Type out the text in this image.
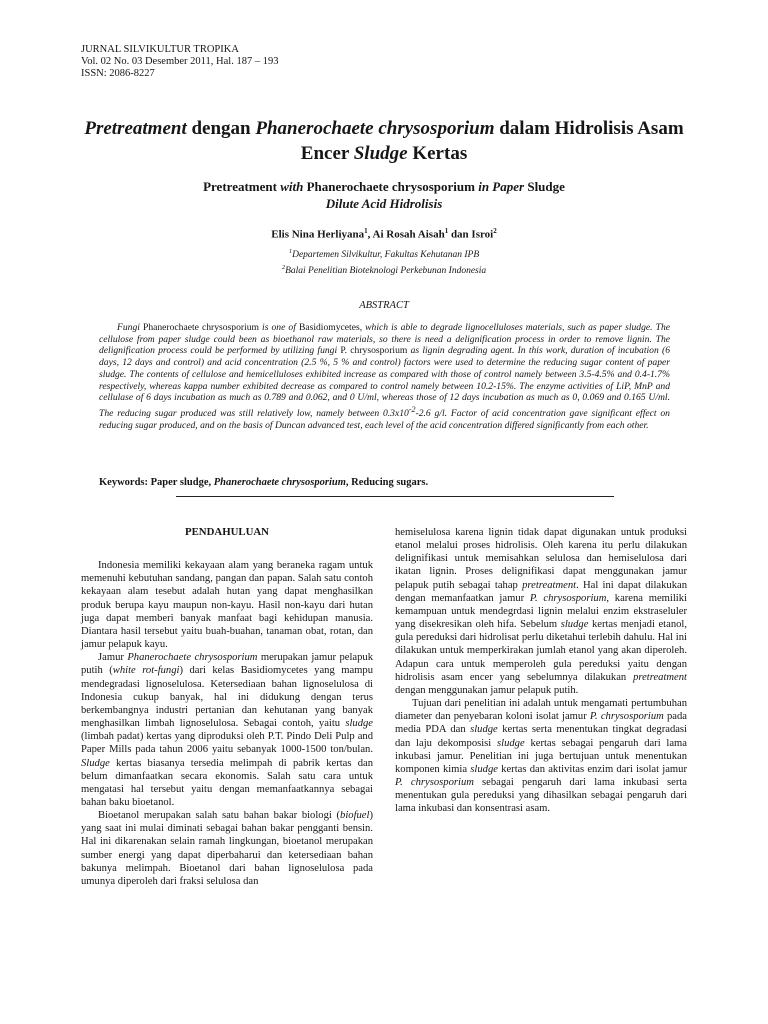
JURNAL SILVIKULTUR TROPIKA
Vol. 02 No. 03 Desember 2011, Hal. 187 – 193
ISSN: 2086-8227
Pretreatment dengan Phanerochaete chrysosporium dalam Hidrolisis Asam Encer Sludge Kertas
Pretreatment with Phanerochaete chrysosporium in Paper Sludge
Dilute Acid Hidrolisis
Elis Nina Herliyana$^1$, Ai Rosah Aisah$^1$ dan Isroi$^2$
$^1$Departemen Silvikultur, Fakultas Kehutanan IPB
$^2$Balai Penelitian Bioteknologi Perkebunan Indonesia
ABSTRACT
Fungi Phanerochaete chrysosporium is one of Basidiomycetes, which is able to degrade lignocelluloses materials, such as paper sludge. The cellulose from paper sludge could been as bioethanol raw materials, so there is need a delignification process in order to remove lignin. The delignification process could be performed by utilizing fungi P. chrysosporium as lignin degrading agent. In this work, duration of incubation (6 days, 12 days and control) and acid concentration (2.5 %, 5 % and control) factors were used to determine the reducing sugar content of paper sludge. The contents of cellulose and hemicelluloses exhibited increase as compared with those of control namely between 3.5-4.5% and 0.4-1.7% respectively, whereas kappa number exhibited decrease as compared to control namely between 10.2-15%. The enzyme activities of LiP, MnP and cellulase of 6 days incubation as much as 0.789 and 0.062, and 0 U/ml, whereas those of 12 days incubation as much as 0, 0.069 and 0.165 U/ml. The reducing sugar produced was still relatively low, namely between $0.3x10^{-2}-2.6$ g/l. Factor of acid concentration gave significant effect on reducing sugar produced, and on the basis of Duncan advanced test, each level of the acid concentration differed significantly from each other.
Keywords: Paper sludge, Phanerochaete chrysosporium, Reducing sugars.
PENDAHULUAN

Indonesia memiliki kekayaan alam yang beraneka ragam untuk memenuhi kebutuhan sandang, pangan dan papan. Salah satu contoh kekayaan alam tesebut adalah hutan yang dapat menghasilkan produk berupa kayu maupun non-kayu. Hasil non-kayu dari hutan juga dapat memberi banyak manfaat bagi kehidupan manusia. Diantara hasil tersebut yaitu buah-buahan, tanaman obat, rotan, dan jamur pelapuk kayu.

Jamur Phanerochaete chrysosporium merupakan jamur pelapuk putih (white rot-fungi) dari kelas Basidiomycetes yang mampu mendegradasi lignoselulosa. Ketersediaan bahan lignoselulosa di Indonesia cukup banyak, hal ini didukung dengan terus berkembangnya industri pertanian dan kehutanan yang banyak menghasilkan limbah lignoselulosa. Sebagai contoh, yaitu sludge (limbah padat) kertas yang diproduksi oleh P.T. Pindo Deli Pulp and Paper Mills pada tahun 2006 yaitu sebanyak 1000-1500 ton/bulan. Sludge kertas biasanya tersedia melimpah di pabrik kertas dan belum dimanfaatkan secara ekonomis. Salah satu cara untuk mengatasi hal tersebut yaitu dengan memanfaatkannya sebagai bahan baku bioetanol.

Bioetanol merupakan salah satu bahan bakar biologi (biofuel) yang saat ini mulai diminati sebagai bahan bakar pengganti bensin. Hal ini dikarenakan selain ramah lingkungan, bioetanol merupakan sumber energi yang dapat diperbaharui dan ketersediaan bahan bakunya melimpah. Bioetanol dari bahan lignoselulosa pada umunya diperoleh dari fraksi selulosa dan

hemiselulosa karena lignin tidak dapat digunakan untuk produksi etanol melalui proses hidrolisis. Oleh karena itu perlu dilakukan delignifikasi untuk memisahkan selulosa dan hemiselulosa dari ikatan lignin. Proses delignifikasi dapat menggunakan jamur pelapuk putih sebagai tahap pretreatment. Hal ini dapat dilakukan dengan memanfaatkan jamur P. chrysosporium, karena memiliki kemampuan untuk mendegrdasi lignin melalui enzim ekstraseluler yang disekresikan oleh hifa. Sebelum sludge kertas menjadi etanol, gula pereduksi dari hidrolisat perlu diketahui terlebih dahulu. Hal ini dilakukan untuk memperkirakan jumlah etanol yang akan diperoleh. Adapun cara untuk memperoleh gula pereduksi yaitu dengan hidrolisis asam encer yang sebelumnya dilakukan pretreatment dengan menggunakan jamur pelapuk putih.

Tujuan dari penelitian ini adalah untuk mengamati pertumbuhan diameter dan penyebaran koloni isolat jamur P. chrysosporium pada media PDA dan sludge kertas serta menentukan tingkat degradasi dan laju dekomposisi sludge kertas sebagai pengaruh dari lama inkubasi jamur. Penelitian ini juga bertujuan untuk menentukan komponen kimia sludge kertas dan aktivitas enzim dari isolat jamur P. chrysosporium sebagai pengaruh dari lama inkubasi serta menentukan gula pereduksi yang dihasilkan sebagai pengaruh dari lama inkubasi dan konsentrasi asam.
